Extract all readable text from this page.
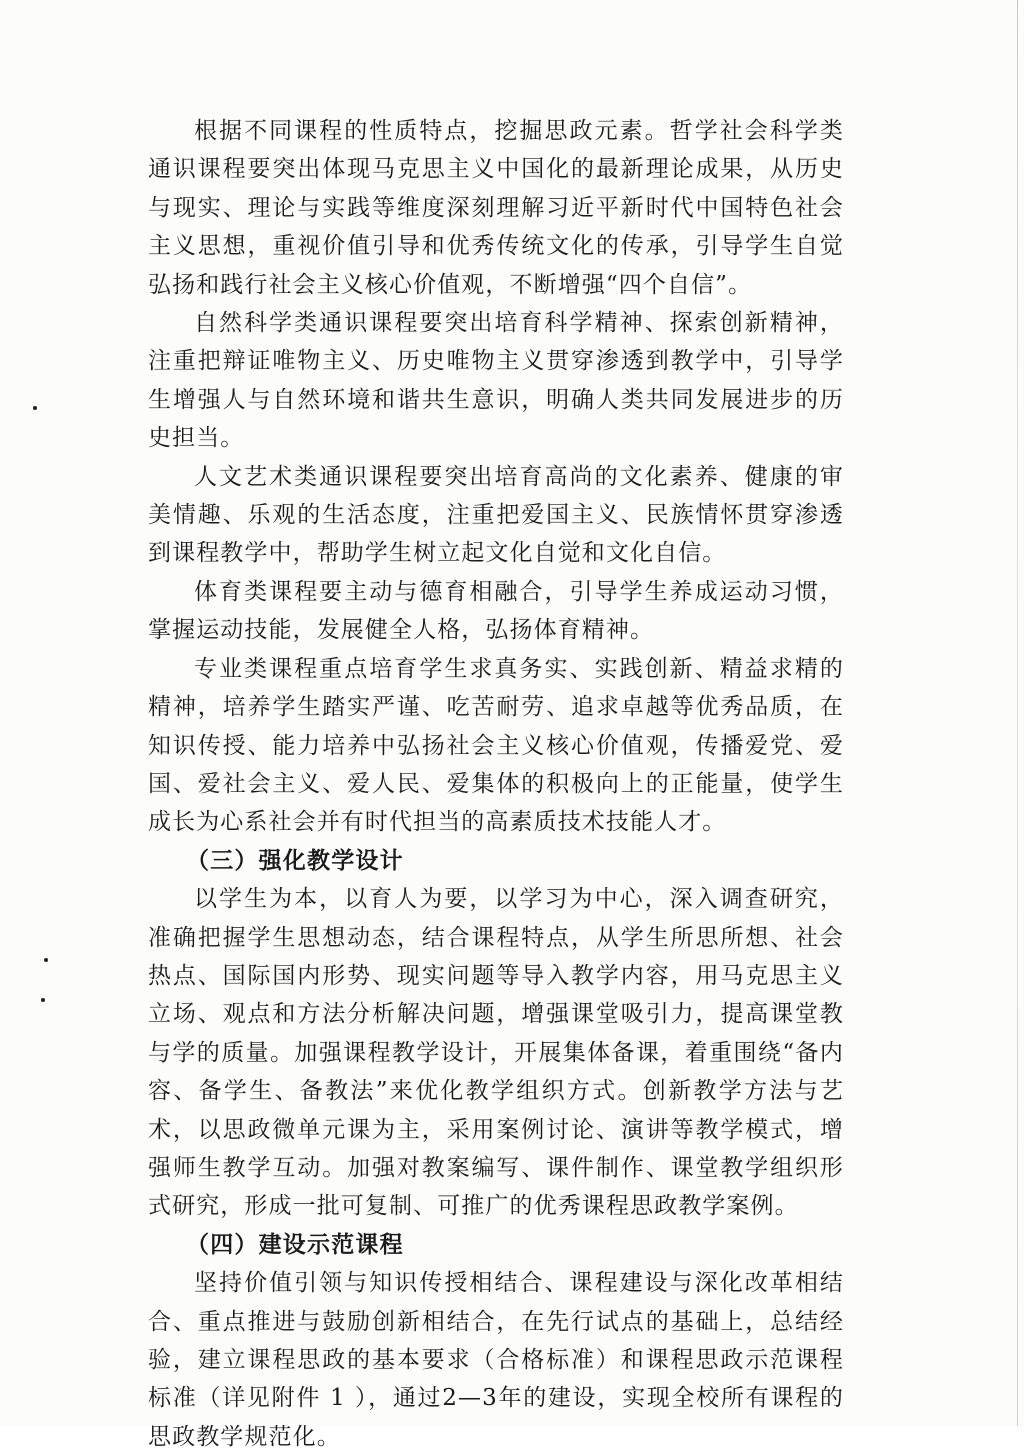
根据不同课程的性质特点，挖掘思政元素。哲学社会科学类通识课程要突出体现马克思主义中国化的最新理论成果，从历史与现实、理论与实践等维度深刻理解习近平新时代中国特色社会主义思想，重视价值引导和优秀传统文化的传承，引导学生自觉弘扬和践行社会主义核心价值观，不断增强“四个自信”。

自然科学类通识课程要突出培育科学精神、探索创新精神，注重把辩证唯物主义、历史唯物主义贯穿渗透到教学中，引导学生增强人与自然环境和谐共生意识，明确人类共同发展进步的历史担当。

人文艺术类通识课程要突出培育高尚的文化素养、健康的审美情趣、乐观的生活态度，注重把爱国主义、民族情怀贯穿渗透到课程教学中，帮助学生树立起文化自觉和文化自信。

体育类课程要主动与德育相融合，引导学生养成运动习惯，掌握运动技能，发展健全人格，弘扬体育精神。

专业类课程重点培育学生求真务实、实践创新、精益求精的精神，培养学生踏实严谨、吃苦耐劳、追求卓越等优秀品质，在知识传授、能力培养中弘扬社会主义核心价值观，传播爱党、爱国、爱社会主义、爱人民、爱集体的积极向上的正能量，使学生成长为心系社会并有时代担当的高素质技术技能人才。

（三）强化教学设计

以学生为本，以育人为要，以学习为中心，深入调查研究，准确把握学生思想动态，结合课程特点，从学生所思所想、社会热点、国际国内形势、现实问题等导入教学内容，用马克思主义立场、观点和方法分析解决问题，增强课堂吸引力，提高课堂教与学的质量。加强课程教学设计，开展集体备课，着重围绕“备内容、备学生、备教法”来优化教学组织方式。创新教学方法与艺术，以思政微单元课为主，采用案例讨论、演讲等教学模式，增强师生教学互动。加强对教案编写、课件制作、课堂教学组织形式研究，形成一批可复制、可推广的优秀课程思政教学案例。

（四）建设示范课程

坚持价值引领与知识传授相结合、课程建设与深化改革相结合、重点推进与鼓励创新相结合，在先行试点的基础上，总结经验，建立课程思政的基本要求（合格标准）和课程思政示范课程标准（详见附件 1 ），通过2—3年的建设，实现全校所有课程的思政教学规范化。
